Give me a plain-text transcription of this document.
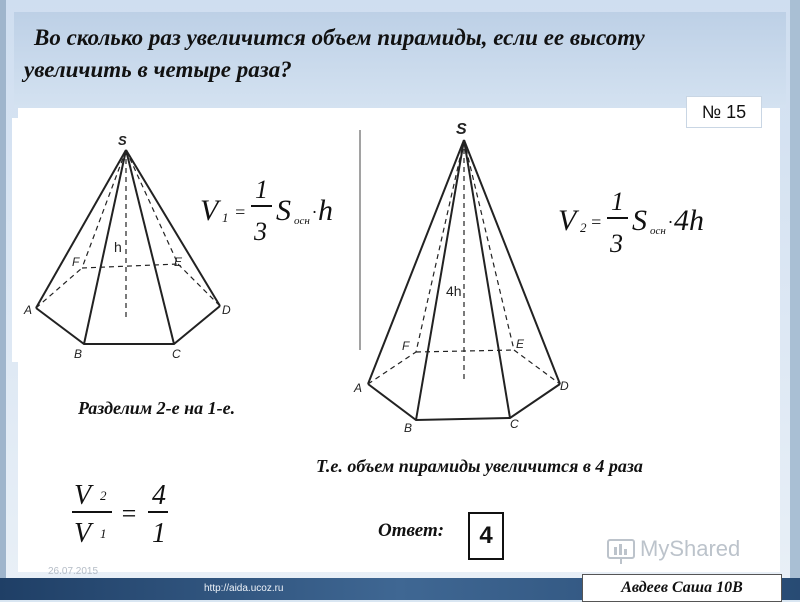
Во сколько раз увеличится объем пирамиды, если ее высоту
увеличить в четыре раза?
№ 15
S
A
B	C
D
E
F
h
V 1 =
1
3
S осн · h
S
A
B	C
D
E
F
4h
V 2 =
1
3
S осн · 4h
Разделим 2-е на 1-е.
V 2
V 1
=
4
1
Т.е. объем пирамиды увеличится в 4 раза
Ответ:	4
26.07.2015
MyShared
http://aida.ucoz.ru	Авдеев Саша 10В
